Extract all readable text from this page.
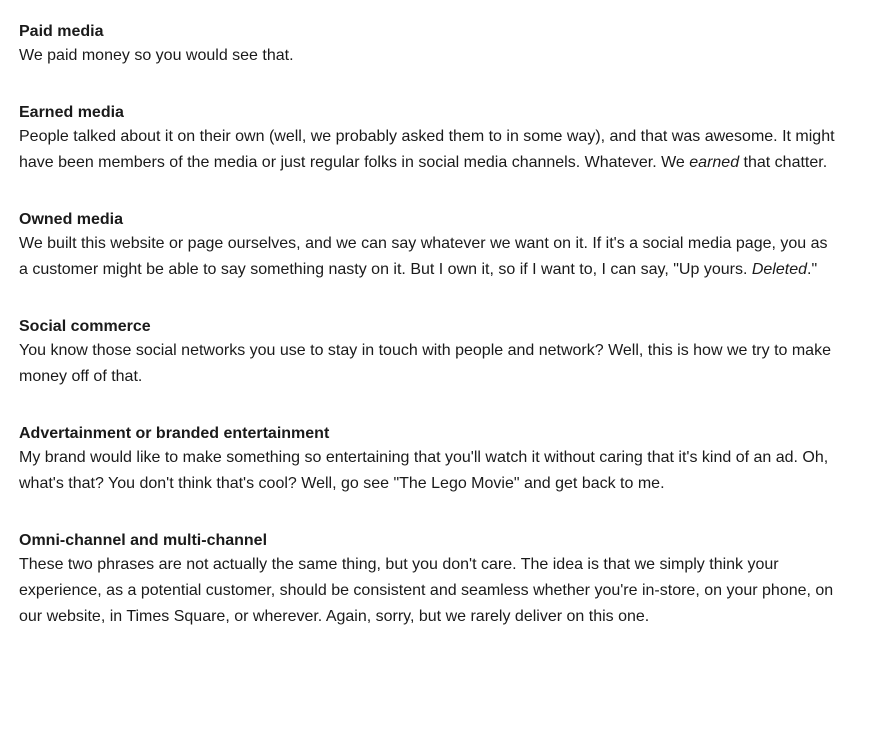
Paid media

We paid money so you would see that.

Earned media

People talked about it on their own (well, we probably asked them to in some way), and that was awesome. It might have been members of the media or just regular folks in social media channels. Whatever. We earned that chatter.

Owned media

We built this website or page ourselves, and we can say whatever we want on it. If it's a social media page, you as a customer might be able to say something nasty on it. But I own it, so if I want to, I can say, "Up yours. Deleted."

Social commerce

You know those social networks you use to stay in touch with people and network? Well, this is how we try to make money off of that.

Advertainment or branded entertainment

My brand would like to make something so entertaining that you'll watch it without caring that it's kind of an ad. Oh, what's that? You don't think that's cool? Well, go see "The Lego Movie" and get back to me.

Omni-channel and multi-channel

These two phrases are not actually the same thing, but you don't care. The idea is that we simply think your experience, as a potential customer, should be consistent and seamless whether you're in-store, on your phone, on our website, in Times Square, or wherever. Again, sorry, but we rarely deliver on this one.
